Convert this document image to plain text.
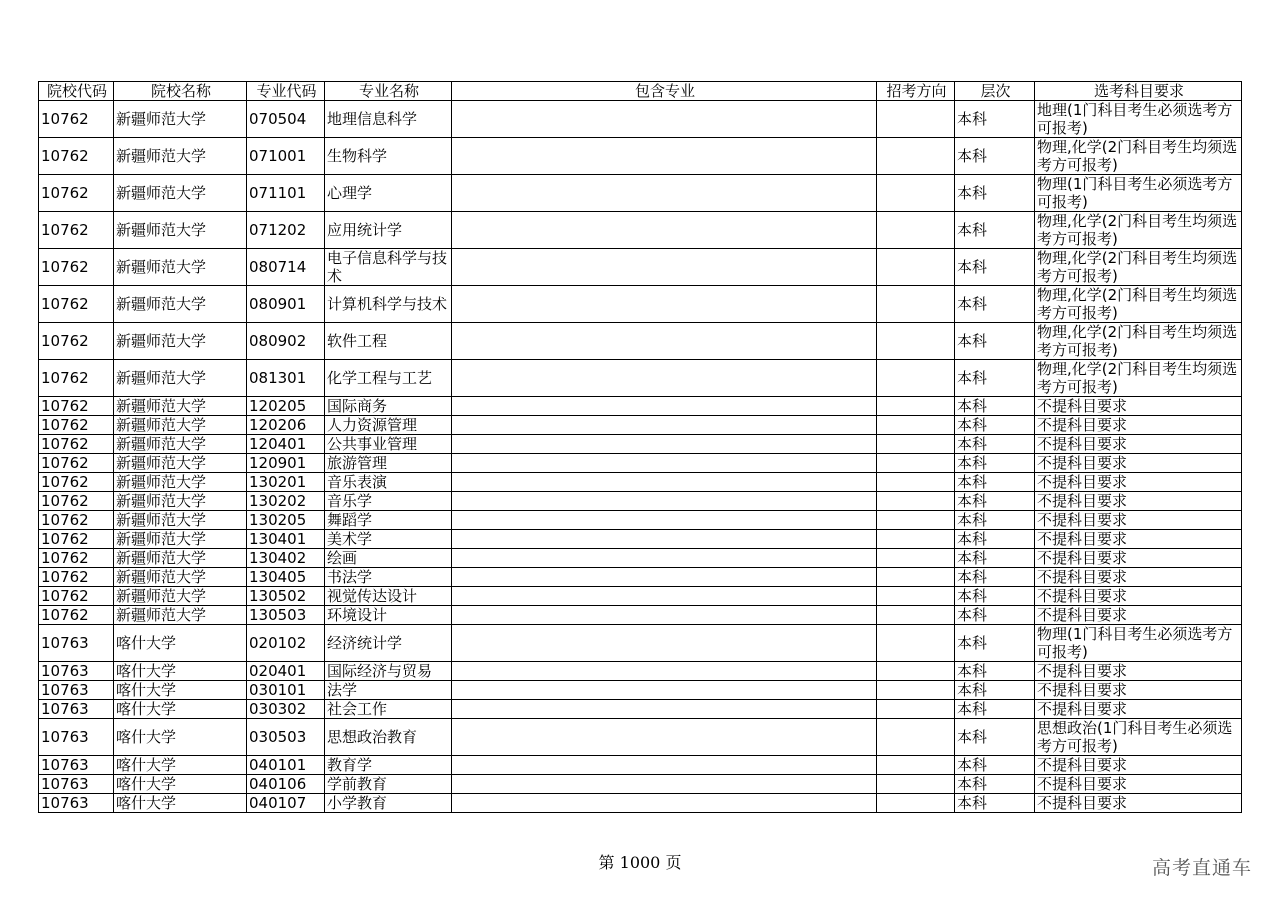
院校代码	院校名称	专业代码	专业名称	包含专业	招考方向	层次	选考科目要求
10762	新疆师范大学	070504	地理信息科学			本科	地理(1门科目考生必须选考方可报考)
10762	新疆师范大学	071001	生物科学			本科	物理,化学(2门科目考生均须选考方可报考)
10762	新疆师范大学	071101	心理学			本科	物理(1门科目考生必须选考方可报考)
10762	新疆师范大学	071202	应用统计学			本科	物理,化学(2门科目考生均须选考方可报考)
10762	新疆师范大学	080714	电子信息科学与技术			本科	物理,化学(2门科目考生均须选考方可报考)
10762	新疆师范大学	080901	计算机科学与技术			本科	物理,化学(2门科目考生均须选考方可报考)
10762	新疆师范大学	080902	软件工程			本科	物理,化学(2门科目考生均须选考方可报考)
10762	新疆师范大学	081301	化学工程与工艺			本科	物理,化学(2门科目考生均须选考方可报考)
10762	新疆师范大学	120205	国际商务			本科	不提科目要求
10762	新疆师范大学	120206	人力资源管理			本科	不提科目要求
10762	新疆师范大学	120401	公共事业管理			本科	不提科目要求
10762	新疆师范大学	120901	旅游管理			本科	不提科目要求
10762	新疆师范大学	130201	音乐表演			本科	不提科目要求
10762	新疆师范大学	130202	音乐学			本科	不提科目要求
10762	新疆师范大学	130205	舞蹈学			本科	不提科目要求
10762	新疆师范大学	130401	美术学			本科	不提科目要求
10762	新疆师范大学	130402	绘画			本科	不提科目要求
10762	新疆师范大学	130405	书法学			本科	不提科目要求
10762	新疆师范大学	130502	视觉传达设计			本科	不提科目要求
10762	新疆师范大学	130503	环境设计			本科	不提科目要求
10763	喀什大学	020102	经济统计学			本科	物理(1门科目考生必须选考方可报考)
10763	喀什大学	020401	国际经济与贸易			本科	不提科目要求
10763	喀什大学	030101	法学			本科	不提科目要求
10763	喀什大学	030302	社会工作			本科	不提科目要求
10763	喀什大学	030503	思想政治教育			本科	思想政治(1门科目考生必须选考方可报考)
10763	喀什大学	040101	教育学			本科	不提科目要求
10763	喀什大学	040106	学前教育			本科	不提科目要求
10763	喀什大学	040107	小学教育			本科	不提科目要求
第 1000 页	高考直通车
